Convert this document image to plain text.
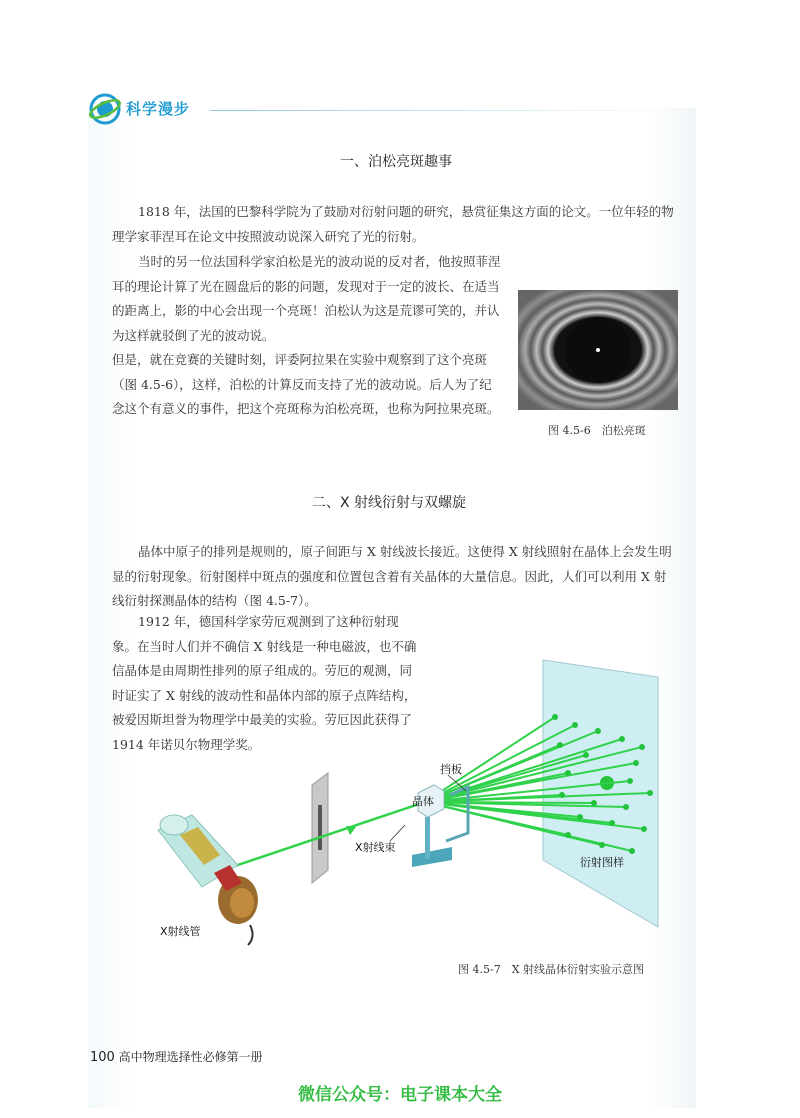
科学漫步
一、泊松亮斑趣事

1818 年，法国的巴黎科学院为了鼓励对衍射问题的研究，悬赏征集这方面的论文。一位年轻的物理学家菲涅耳在论文中按照波动说深入研究了光的衍射。

当时的另一位法国科学家泊松是光的波动说的反对者，他按照菲涅耳的理论计算了光在圆盘后的影的问题，发现对于一定的波长、在适当的距离上，影的中心会出现一个亮斑！泊松认为这是荒谬可笑的，并认为这样就驳倒了光的波动说。
但是，就在竞赛的关键时刻，评委阿拉果在实验中观察到了这个亮斑（图 4.5-6），这样，泊松的计算反而支持了光的波动说。后人为了纪念这个有意义的事件，把这个亮斑称为泊松亮斑，也称为阿拉果亮斑。

图 4.5-6　泊松亮斑
二、X 射线衍射与双螺旋

晶体中原子的排列是规则的，原子间距与 X 射线波长接近。这使得 X 射线照射在晶体上会发生明显的衍射现象。衍射图样中斑点的强度和位置包含着有关晶体的大量信息。因此，人们可以利用 X 射线衍射探测晶体的结构（图 4.5-7）。

1912 年，德国科学家劳厄观测到了这种衍射现象。在当时人们并不确信 X 射线是一种电磁波，也不确信晶体是由周期性排列的原子组成的。劳厄的观测，同时证实了 X 射线的波动性和晶体内部的原子点阵结构，被爱因斯坦誉为物理学中最美的实验。劳厄因此获得了 1914 年诺贝尔物理学奖。

晶体
挡板
X射线束
衍射图样
X射线管
图 4.5-7　X 射线晶体衍射实验示意图
100 高中物理选择性必修第一册
微信公众号：电子课本大全
